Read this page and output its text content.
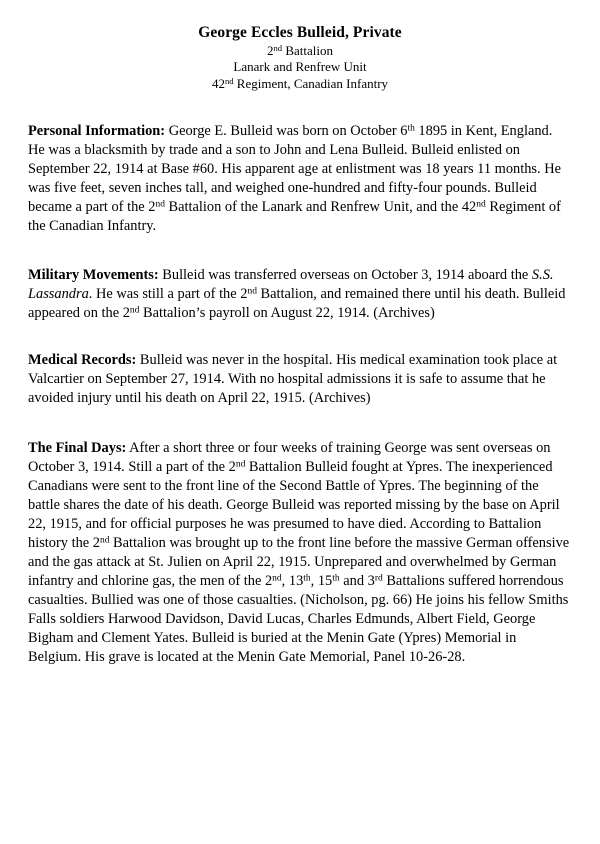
George Eccles Bulleid, Private
2nd Battalion
Lanark and Renfrew Unit
42nd Regiment, Canadian Infantry

Personal Information: George E. Bulleid was born on October 6th 1895 in Kent, England. He was a blacksmith by trade and a son to John and Lena Bulleid. Bulleid enlisted on September 22, 1914 at Base #60. His apparent age at enlistment was 18 years 11 months. He was five feet, seven inches tall, and weighed one-hundred and fifty-four pounds. Bulleid became a part of the 2nd Battalion of the Lanark and Renfrew Unit, and the 42nd Regiment of the Canadian Infantry.

Military Movements: Bulleid was transferred overseas on October 3, 1914 aboard the S.S. Lassandra. He was still a part of the 2nd Battalion, and remained there until his death. Bulleid appeared on the 2nd Battalion’s payroll on August 22, 1914. (Archives)

Medical Records: Bulleid was never in the hospital. His medical examination took place at Valcartier on September 27, 1914. With no hospital admissions it is safe to assume that he avoided injury until his death on April 22, 1915. (Archives)

The Final Days: After a short three or four weeks of training George was sent overseas on October 3, 1914. Still a part of the 2nd Battalion Bulleid fought at Ypres. The inexperienced Canadians were sent to the front line of the Second Battle of Ypres. The beginning of the battle shares the date of his death. George Bulleid was reported missing by the base on April 22, 1915, and for official purposes he was presumed to have died. According to Battalion history the 2nd Battalion was brought up to the front line before the massive German offensive and the gas attack at St. Julien on April 22, 1915. Unprepared and overwhelmed by German infantry and chlorine gas, the men of the 2nd, 13th, 15th and 3rd Battalions suffered horrendous casualties. Bullied was one of those casualties. (Nicholson, pg. 66) He joins his fellow Smiths Falls soldiers Harwood Davidson, David Lucas, Charles Edmunds, Albert Field, George Bigham and Clement Yates. Bulleid is buried at the Menin Gate (Ypres) Memorial in Belgium. His grave is located at the Menin Gate Memorial, Panel 10-26-28.
